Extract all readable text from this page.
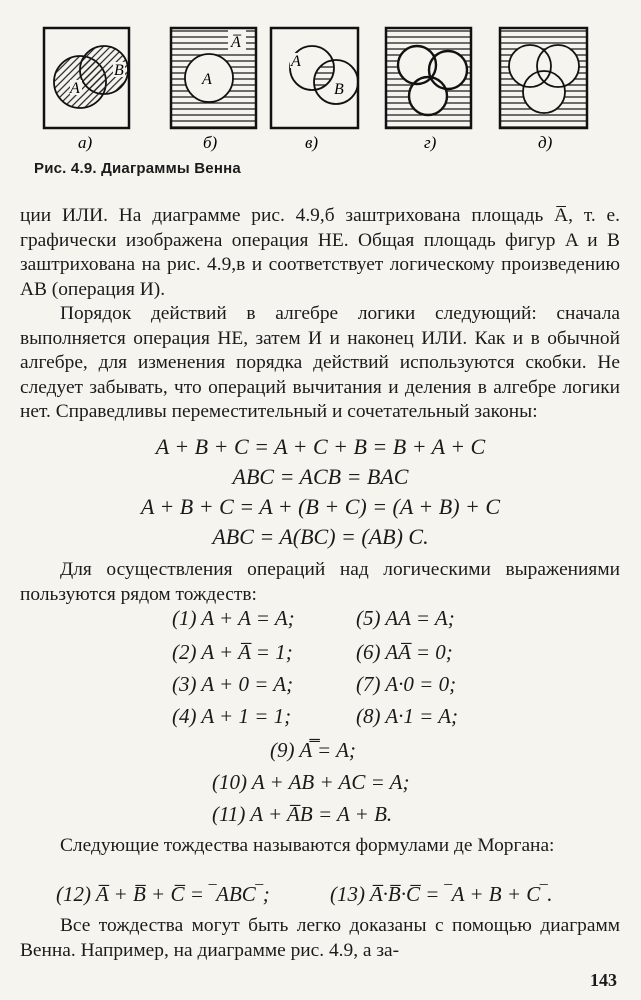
A
B
A
A̅
A
B
а)	б)	в)	г)	д)
Рис. 4.9. Диаграммы Венна
ции ИЛИ. На диаграмме рис. 4.9,б заштрихована площадь A̅, т. е. графически изображена операция НЕ. Общая площадь фигур A и B заштрихована на рис. 4.9,в и соответствует логическому произведению AB (операция И).
Порядок действий в алгебре логики следующий: сначала выполняется операция НЕ, затем И и наконец ИЛИ. Как и в обычной алгебре, для изменения порядка действий используются скобки. Не следует забывать, что операций вычитания и деления в алгебре логики нет. Справедливы переместительный и сочетательный законы:
A + B + C = A + C + B = B + A + C
ABC = ACB = BAC
A + B + C = A + (B + C) = (A + B) + C
ABC = A(BC) = (AB) C.
Для осуществления операций над логическими выражениями пользуются рядом тождеств:
(1) A + A = A;	(5) AA = A;
(2) A + A̅ = 1;	(6) AA̅ = 0;
(3) A + 0 = A;	(7) A·0 = 0;
(4) A + 1 = 1;	(8) A·1 = A;
(9) A̿ = A;
(10) A + AB + AC = A;
(11) A + A̅B = A + B.
Следующие тождества называются формулами де Моргана:
(12) A̅ + B̅ + C̅ = ‾ABC‾;	(13) A̅·B̅·C̅ = ‾A + B + C‾.
Все тождества могут быть легко доказаны с помощью диаграмм Венна. Например, на диаграмме рис. 4.9, а за-
143
